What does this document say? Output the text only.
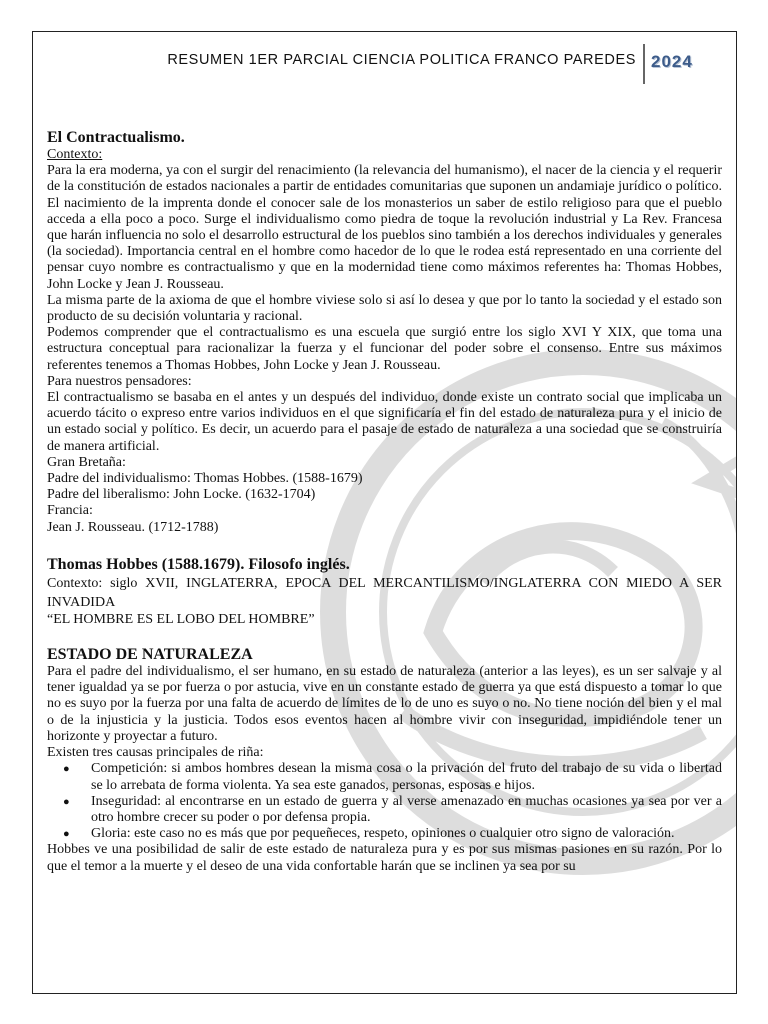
RESUMEN 1ER PARCIAL CIENCIA POLITICA FRANCO PAREDES 2024
El Contractualismo.

Contexto:

Para la era moderna, ya con el surgir del renacimiento (la relevancia del humanismo), el nacer de la ciencia y el requerir de la constitución de estados nacionales a partir de entidades comunitarias que suponen un andamiaje jurídico o político. El nacimiento de la imprenta donde el conocer sale de los monasterios un saber de estilo religioso para que el pueblo acceda a ella poco a poco. Surge el individualismo como piedra de toque la revolución industrial y La Rev. Francesa que harán influencia no solo el desarrollo estructural de los pueblos sino también a los derechos individuales y generales (la sociedad). Importancia central en el hombre como hacedor de lo que le rodea está representado en una corriente del pensar cuyo nombre es contractualismo y que en la modernidad tiene como máximos referentes ha: Thomas Hobbes, John Locke y Jean J. Rousseau.

La misma parte de la axioma de que el hombre viviese solo si así lo desea y que por lo tanto la sociedad y el estado son producto de su decisión voluntaria y racional.

Podemos comprender que el contractualismo es una escuela que surgió entre los siglo XVI Y XIX, que toma una estructura conceptual para racionalizar la fuerza y el funcionar del poder sobre el consenso. Entre sus máximos referentes tenemos a Thomas Hobbes, John Locke y Jean J. Rousseau.

Para nuestros pensadores:

El contractualismo se basaba en el antes y un después del individuo, donde existe un contrato social que implicaba un acuerdo tácito o expreso entre varios individuos en el que significaría el fin del estado de naturaleza pura y el inicio de un estado social y político. Es decir, un acuerdo para el pasaje de estado de naturaleza a una sociedad que se construiría de manera artificial.

Gran Bretaña:

Padre del individualismo: Thomas Hobbes. (1588-1679)

Padre del liberalismo: John Locke. (1632-1704)

Francia:

Jean J. Rousseau. (1712-1788)

Thomas Hobbes (1588.1679). Filosofo inglés.

Contexto: siglo XVII, INGLATERRA, EPOCA DEL MERCANTILISMO/INGLATERRA CON MIEDO A SER INVADIDA

“EL HOMBRE ES EL LOBO DEL HOMBRE”

ESTADO DE NATURALEZA

Para el padre del individualismo, el ser humano, en su estado de naturaleza (anterior a las leyes), es un ser salvaje y al tener igualdad ya se por fuerza o por astucia, vive en un constante estado de guerra ya que está dispuesto a tomar lo que no es suyo por la fuerza por una falta de acuerdo de límites de lo de uno es suyo o no. No tiene noción del bien y el mal o de la injusticia y la justicia. Todos esos eventos hacen al hombre vivir con inseguridad, impidiéndole tener un horizonte y proyectar a futuro.

Existen tres causas principales de riña:

● Competición: si ambos hombres desean la misma cosa o la privación del fruto del trabajo de su vida o libertad se lo arrebata de forma violenta. Ya sea este ganados, personas, esposas e hijos.
● Inseguridad: al encontrarse en un estado de guerra y al verse amenazado en muchas ocasiones ya sea por ver a otro hombre crecer su poder o por defensa propia.
● Gloria: este caso no es más que por pequeñeces, respeto, opiniones o cualquier otro signo de valoración.

Hobbes ve una posibilidad de salir de este estado de naturaleza pura y es por sus mismas pasiones en su razón. Por lo que el temor a la muerte y el deseo de una vida confortable harán que se inclinen ya sea por su
